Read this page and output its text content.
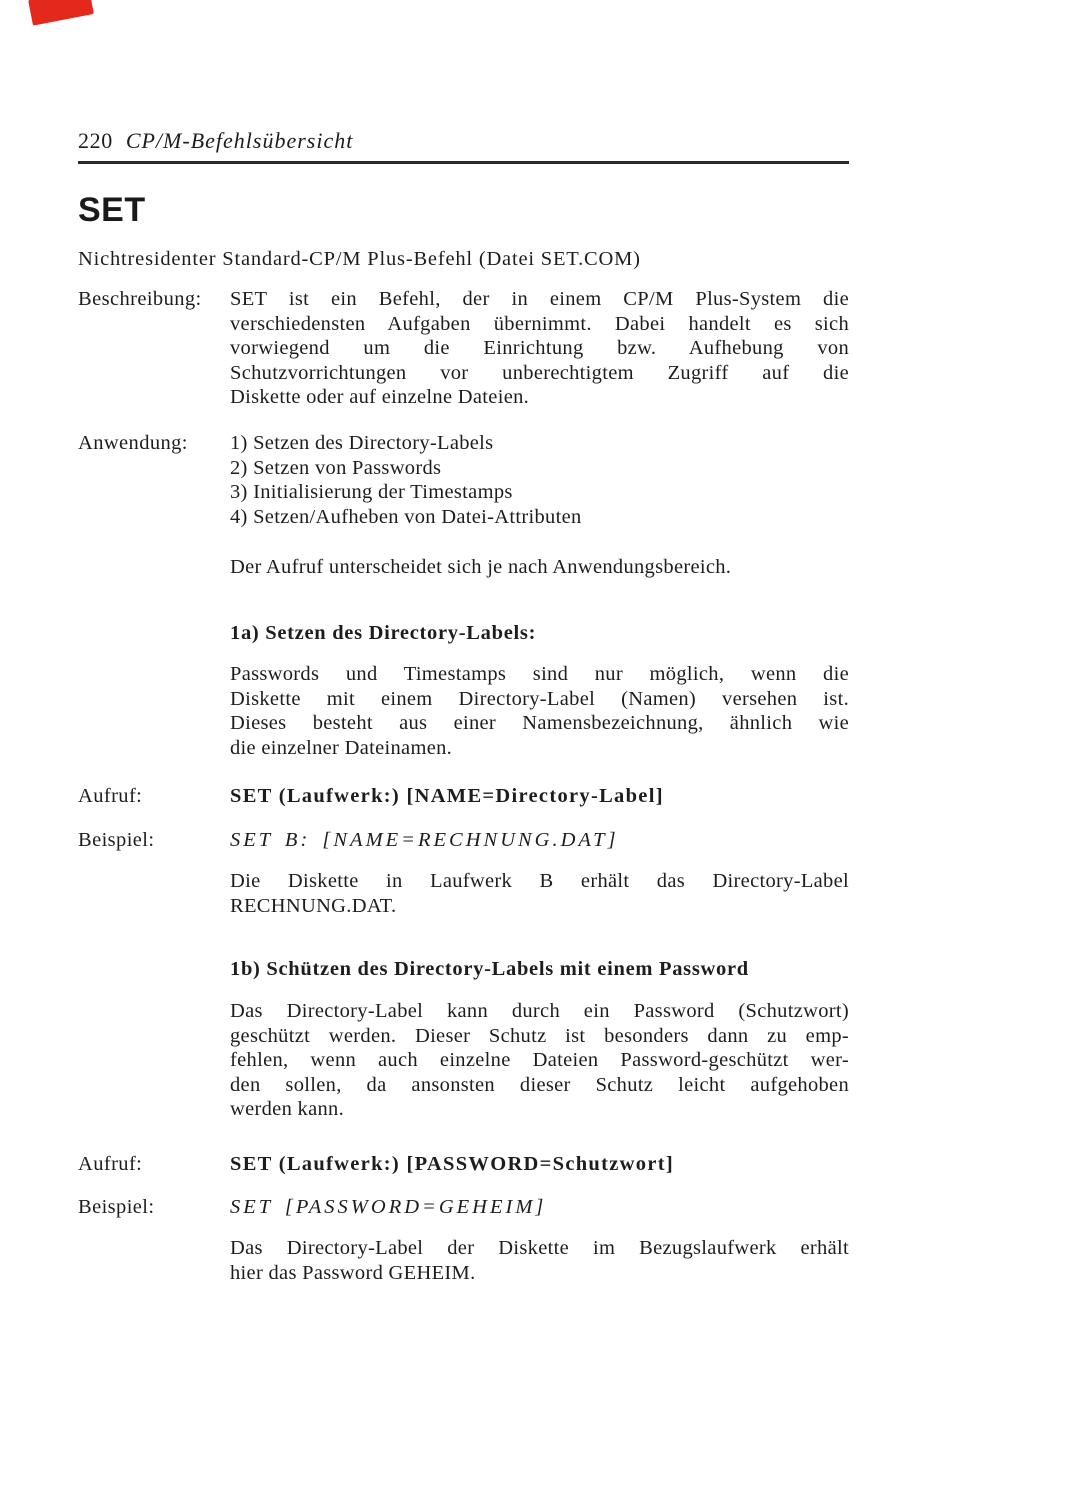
220 CP/M-Befehlsübersicht
SET
Nichtresidenter Standard-CP/M Plus-Befehl (Datei SET.COM)
Beschreibung: SET ist ein Befehl, der in einem CP/M Plus-System die
verschiedensten Aufgaben übernimmt. Dabei handelt es sich
vorwiegend um die Einrichtung bzw. Aufhebung von
Schutzvorrichtungen vor unberechtigtem Zugriff auf die
Diskette oder auf einzelne Dateien.
Anwendung: 1) Setzen des Directory-Labels
2) Setzen von Passwords
3) Initialisierung der Timestamps
4) Setzen/Aufheben von Datei-Attributen
Der Aufruf unterscheidet sich je nach Anwendungsbereich.
1a) Setzen des Directory-Labels:
Passwords und Timestamps sind nur möglich, wenn die
Diskette mit einem Directory-Label (Namen) versehen ist.
Dieses besteht aus einer Namensbezeichnung, ähnlich wie
die einzelner Dateinamen.
Aufruf:	SET (Laufwerk:) [NAME=Directory-Label]
Beispiel:	SET B: [NAME=RECHNUNG.DAT]
Die Diskette in Laufwerk B erhält das Directory-Label
RECHNUNG.DAT.
1b) Schützen des Directory-Labels mit einem Password
Das Directory-Label kann durch ein Password (Schutzwort)
geschützt werden. Dieser Schutz ist besonders dann zu emp-
fehlen, wenn auch einzelne Dateien Password-geschützt wer-
den sollen, da ansonsten dieser Schutz leicht aufgehoben
werden kann.
Aufruf:	SET (Laufwerk:) [PASSWORD=Schutzwort]
Beispiel:	SET [PASSWORD=GEHEIM]
Das Directory-Label der Diskette im Bezugslaufwerk erhält
hier das Password GEHEIM.
